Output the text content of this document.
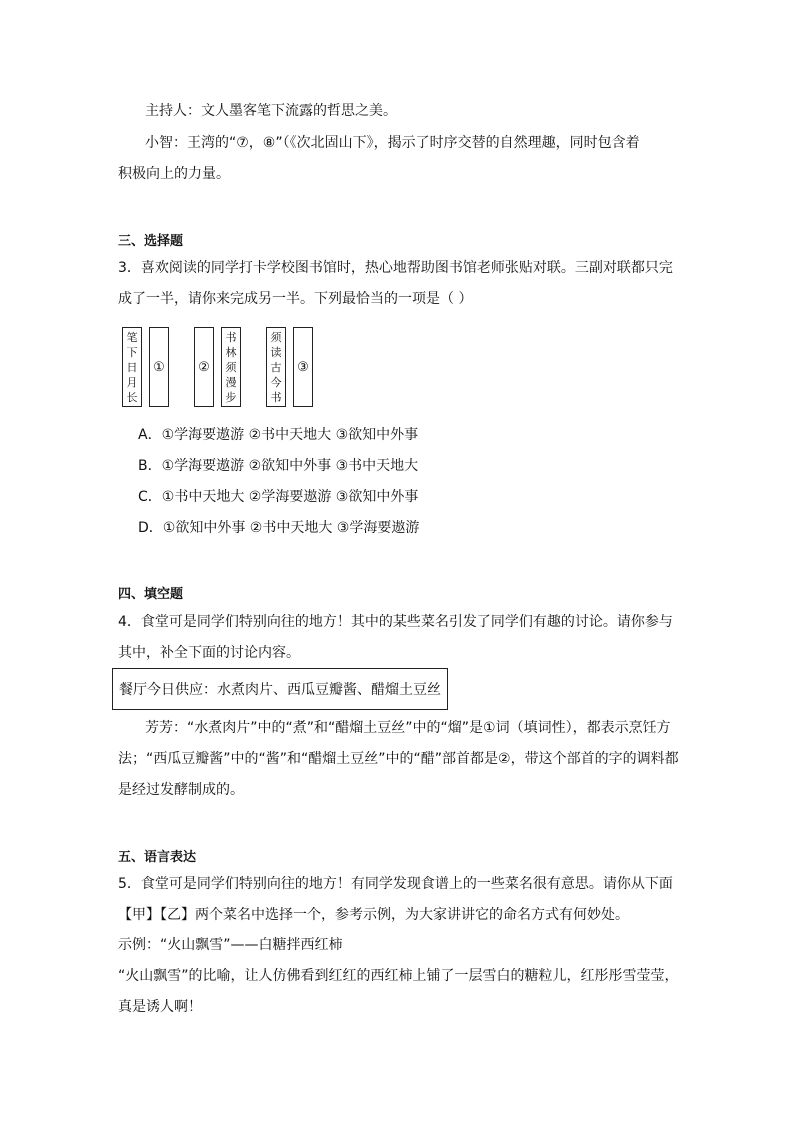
主持人：文人墨客笔下流露的哲思之美。
小智：王湾的“⑦，⑧”（《次北固山下》，揭示了时序交替的自然理趣，同时包含着
积极向上的力量。
三、选择题
3．喜欢阅读的同学打卡学校图书馆时，热心地帮助图书馆老师张贴对联。三副对联都只完
成了一半，请你来完成另一半。下列最恰当的一项是（ ）
笔
下
日
月
长
①	②
书
林
须
漫
步
须
读
古
今
书
③
A．①学海要遨游 ②书中天地大 ③欲知中外事
B．①学海要遨游 ②欲知中外事 ③书中天地大
C．①书中天地大 ②学海要遨游 ③欲知中外事
D．①欲知中外事 ②书中天地大 ③学海要遨游
四、填空题
4．食堂可是同学们特别向往的地方！其中的某些菜名引发了同学们有趣的讨论。请你参与
其中，补全下面的讨论内容。
餐厅今日供应：水煮肉片、西瓜豆瓣酱、醋熘土豆丝
芳芳：“水煮肉片”中的“煮”和“醋熘土豆丝”中的“熘”是①词（填词性），都表示烹饪方
法；“西瓜豆瓣酱”中的“酱”和“醋熘土豆丝”中的“醋”部首都是②，带这个部首的字的调料都
是经过发酵制成的。
五、语言表达
5．食堂可是同学们特别向往的地方！有同学发现食谱上的一些菜名很有意思。请你从下面
【甲】【乙】两个菜名中选择一个，参考示例，为大家讲讲它的命名方式有何妙处。
示例：“火山飘雪”——白糖拌西红柿
“火山飘雪”的比喻，让人仿佛看到红红的西红柿上铺了一层雪白的糖粒儿，红彤彤雪莹莹，
真是诱人啊！
